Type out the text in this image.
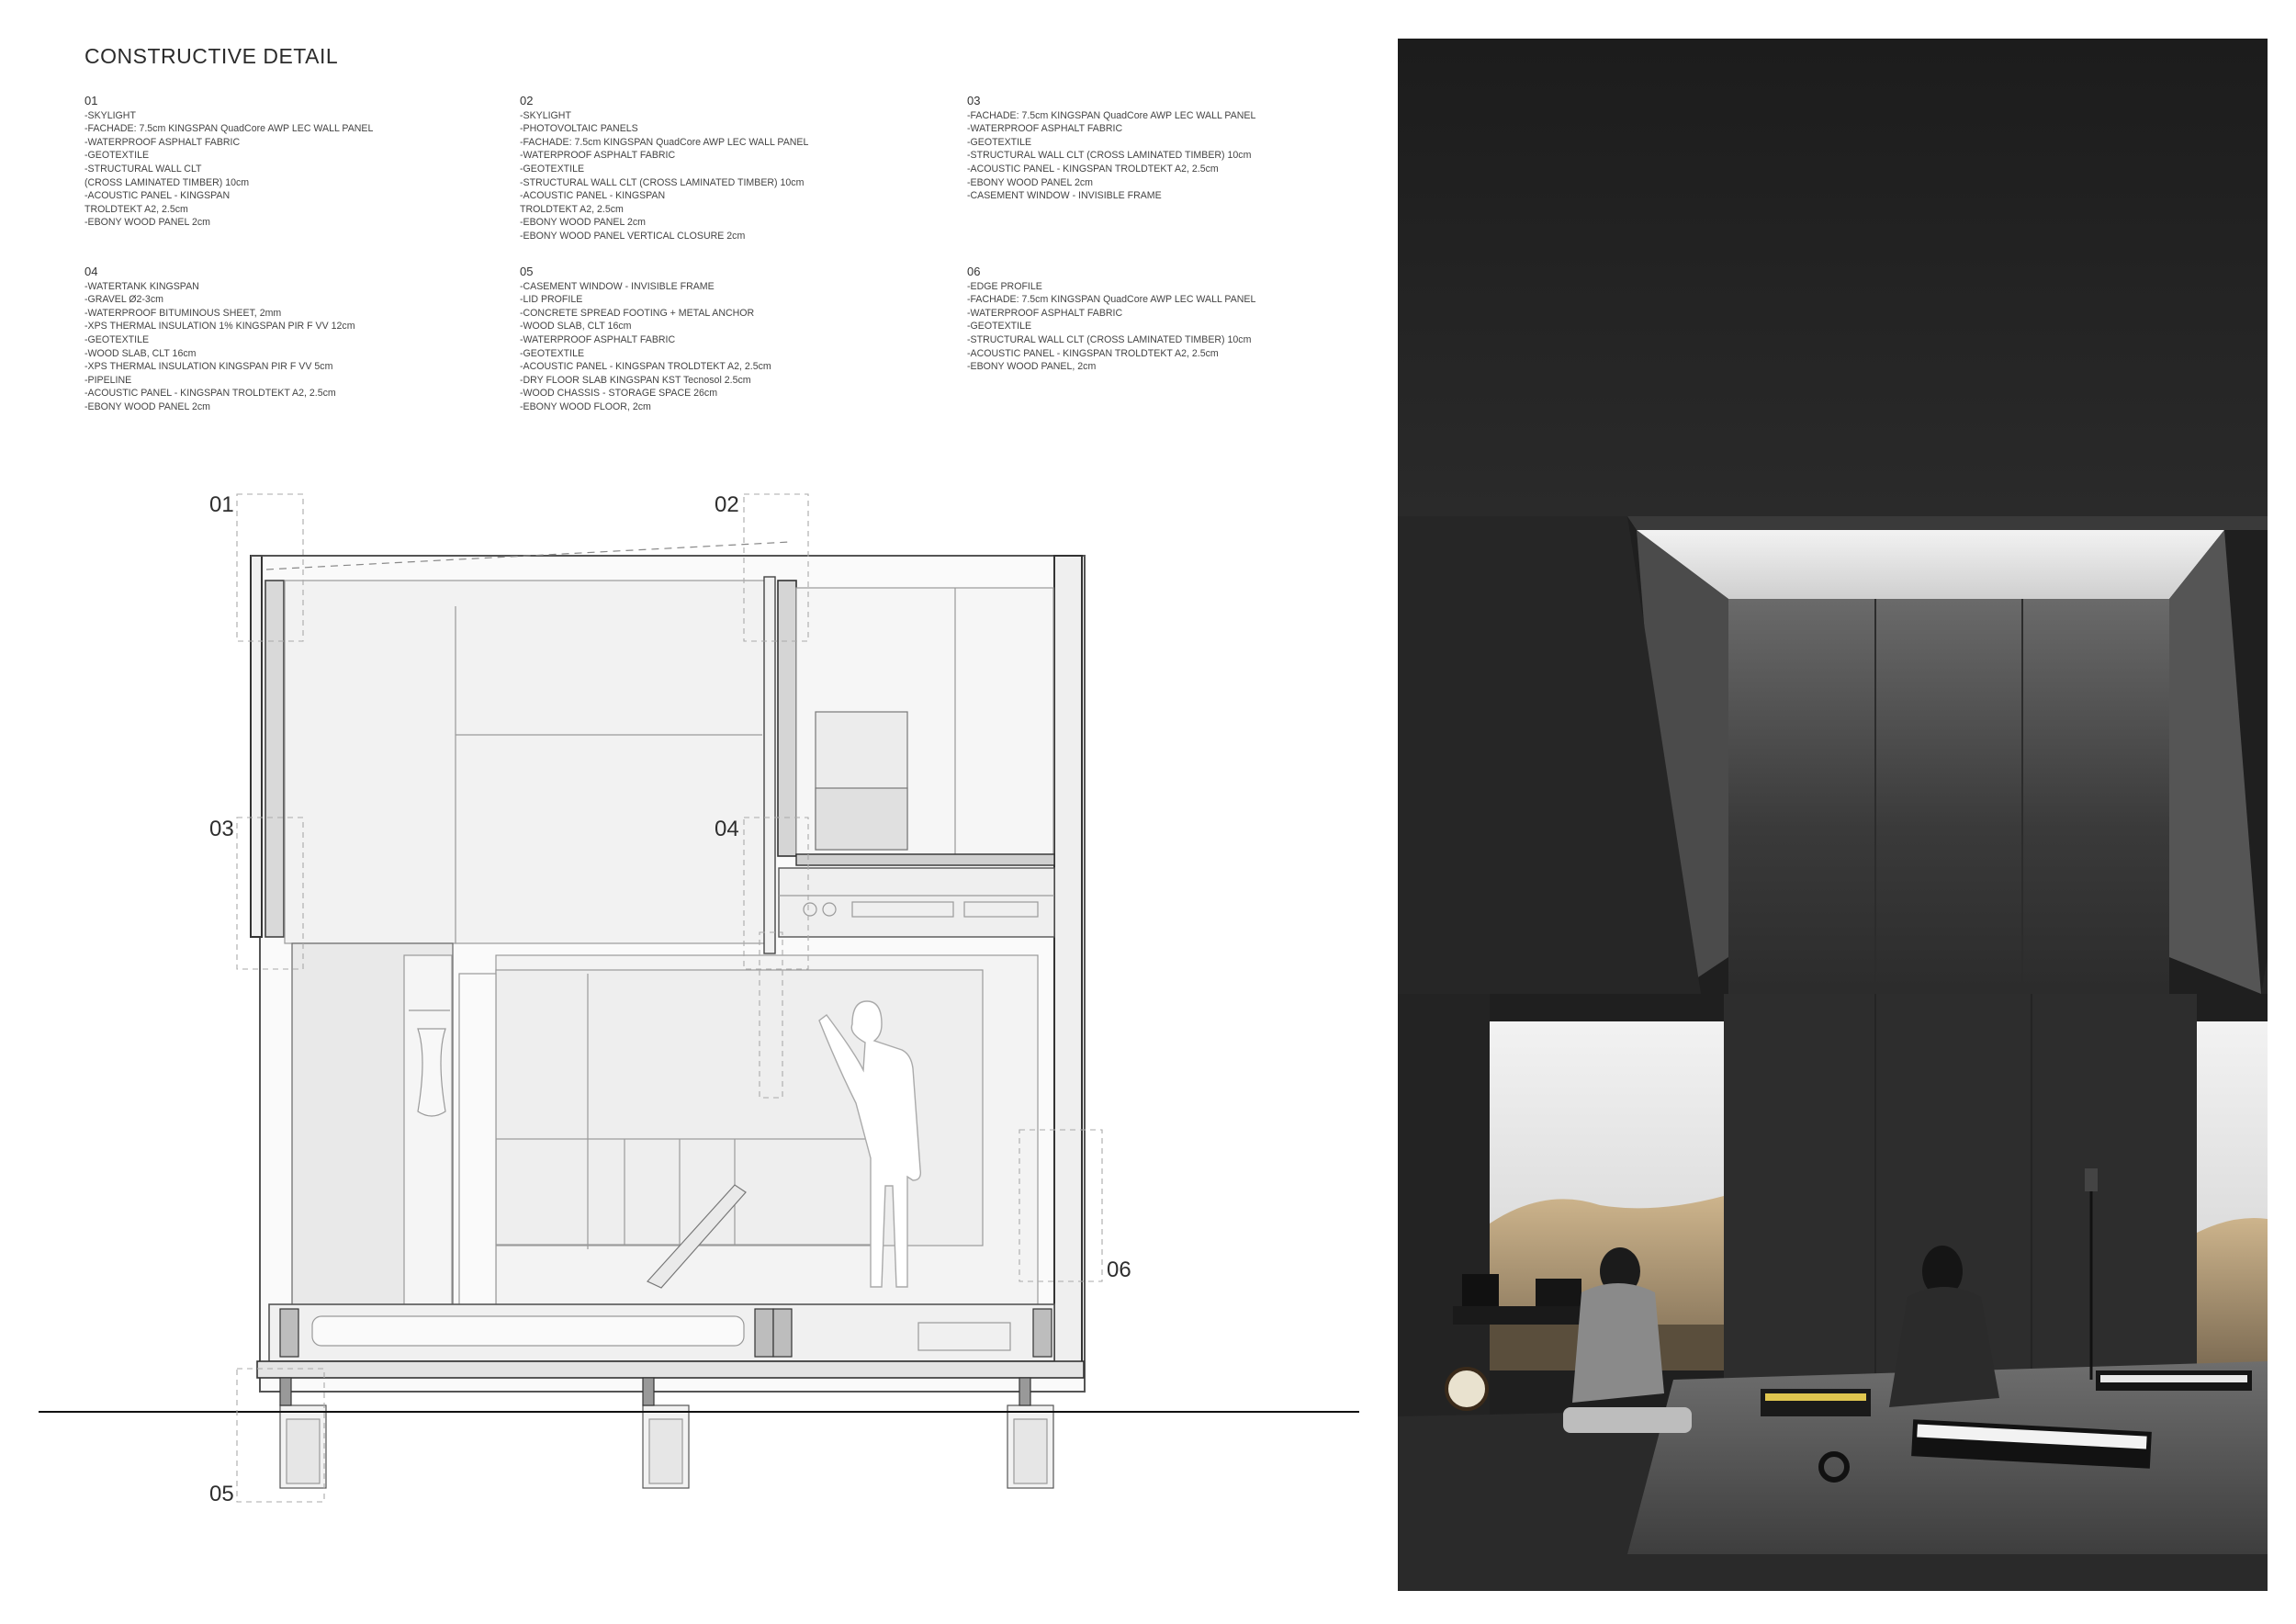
CONSTRUCTIVE DETAIL
01
-SKYLIGHT
-FACHADE: 7.5cm KINGSPAN QuadCore AWP LEC WALL PANEL
-WATERPROOF ASPHALT FABRIC
-GEOTEXTILE
-STRUCTURAL WALL CLT
(CROSS LAMINATED TIMBER) 10cm
-ACOUSTIC PANEL - KINGSPAN
TROLDTEKT A2, 2.5cm
-EBONY WOOD PANEL 2cm
02
-SKYLIGHT
-PHOTOVOLTAIC PANELS
-FACHADE: 7.5cm KINGSPAN QuadCore AWP LEC WALL PANEL
-WATERPROOF ASPHALT FABRIC
-GEOTEXTILE
-STRUCTURAL WALL CLT (CROSS LAMINATED TIMBER) 10cm
-ACOUSTIC PANEL - KINGSPAN
TROLDTEKT A2, 2.5cm
-EBONY WOOD PANEL 2cm
-EBONY WOOD PANEL VERTICAL CLOSURE 2cm
03
-FACHADE: 7.5cm KINGSPAN QuadCore AWP LEC WALL PANEL
-WATERPROOF ASPHALT FABRIC
-GEOTEXTILE
-STRUCTURAL WALL CLT (CROSS LAMINATED TIMBER) 10cm
-ACOUSTIC PANEL - KINGSPAN TROLDTEKT A2, 2.5cm
-EBONY WOOD PANEL 2cm
-CASEMENT WINDOW - INVISIBLE FRAME
04
-WATERTANK KINGSPAN
-GRAVEL Ø2-3cm
-WATERPROOF BITUMINOUS SHEET, 2mm
-XPS THERMAL INSULATION 1% KINGSPAN PIR F VV 12cm
-GEOTEXTILE
-WOOD SLAB, CLT 16cm
-XPS THERMAL INSULATION KINGSPAN PIR F VV 5cm
-PIPELINE
-ACOUSTIC PANEL - KINGSPAN TROLDTEKT A2, 2.5cm
-EBONY WOOD PANEL 2cm
05
-CASEMENT WINDOW - INVISIBLE FRAME
-LID PROFILE
-CONCRETE SPREAD FOOTING + METAL ANCHOR
-WOOD SLAB, CLT 16cm
-WATERPROOF ASPHALT FABRIC
-GEOTEXTILE
-ACOUSTIC PANEL - KINGSPAN TROLDTEKT A2, 2.5cm
-DRY FLOOR SLAB KINGSPAN KST Tecnosol 2.5cm
-WOOD CHASSIS - STORAGE SPACE 26cm
-EBONY WOOD FLOOR, 2cm
06
-EDGE PROFILE
-FACHADE: 7.5cm KINGSPAN QuadCore AWP LEC WALL PANEL
-WATERPROOF ASPHALT FABRIC
-GEOTEXTILE
-STRUCTURAL WALL CLT (CROSS LAMINATED TIMBER) 10cm
-ACOUSTIC PANEL - KINGSPAN TROLDTEKT A2, 2.5cm
-EBONY WOOD PANEL, 2cm
01	02
03	04
05
06
